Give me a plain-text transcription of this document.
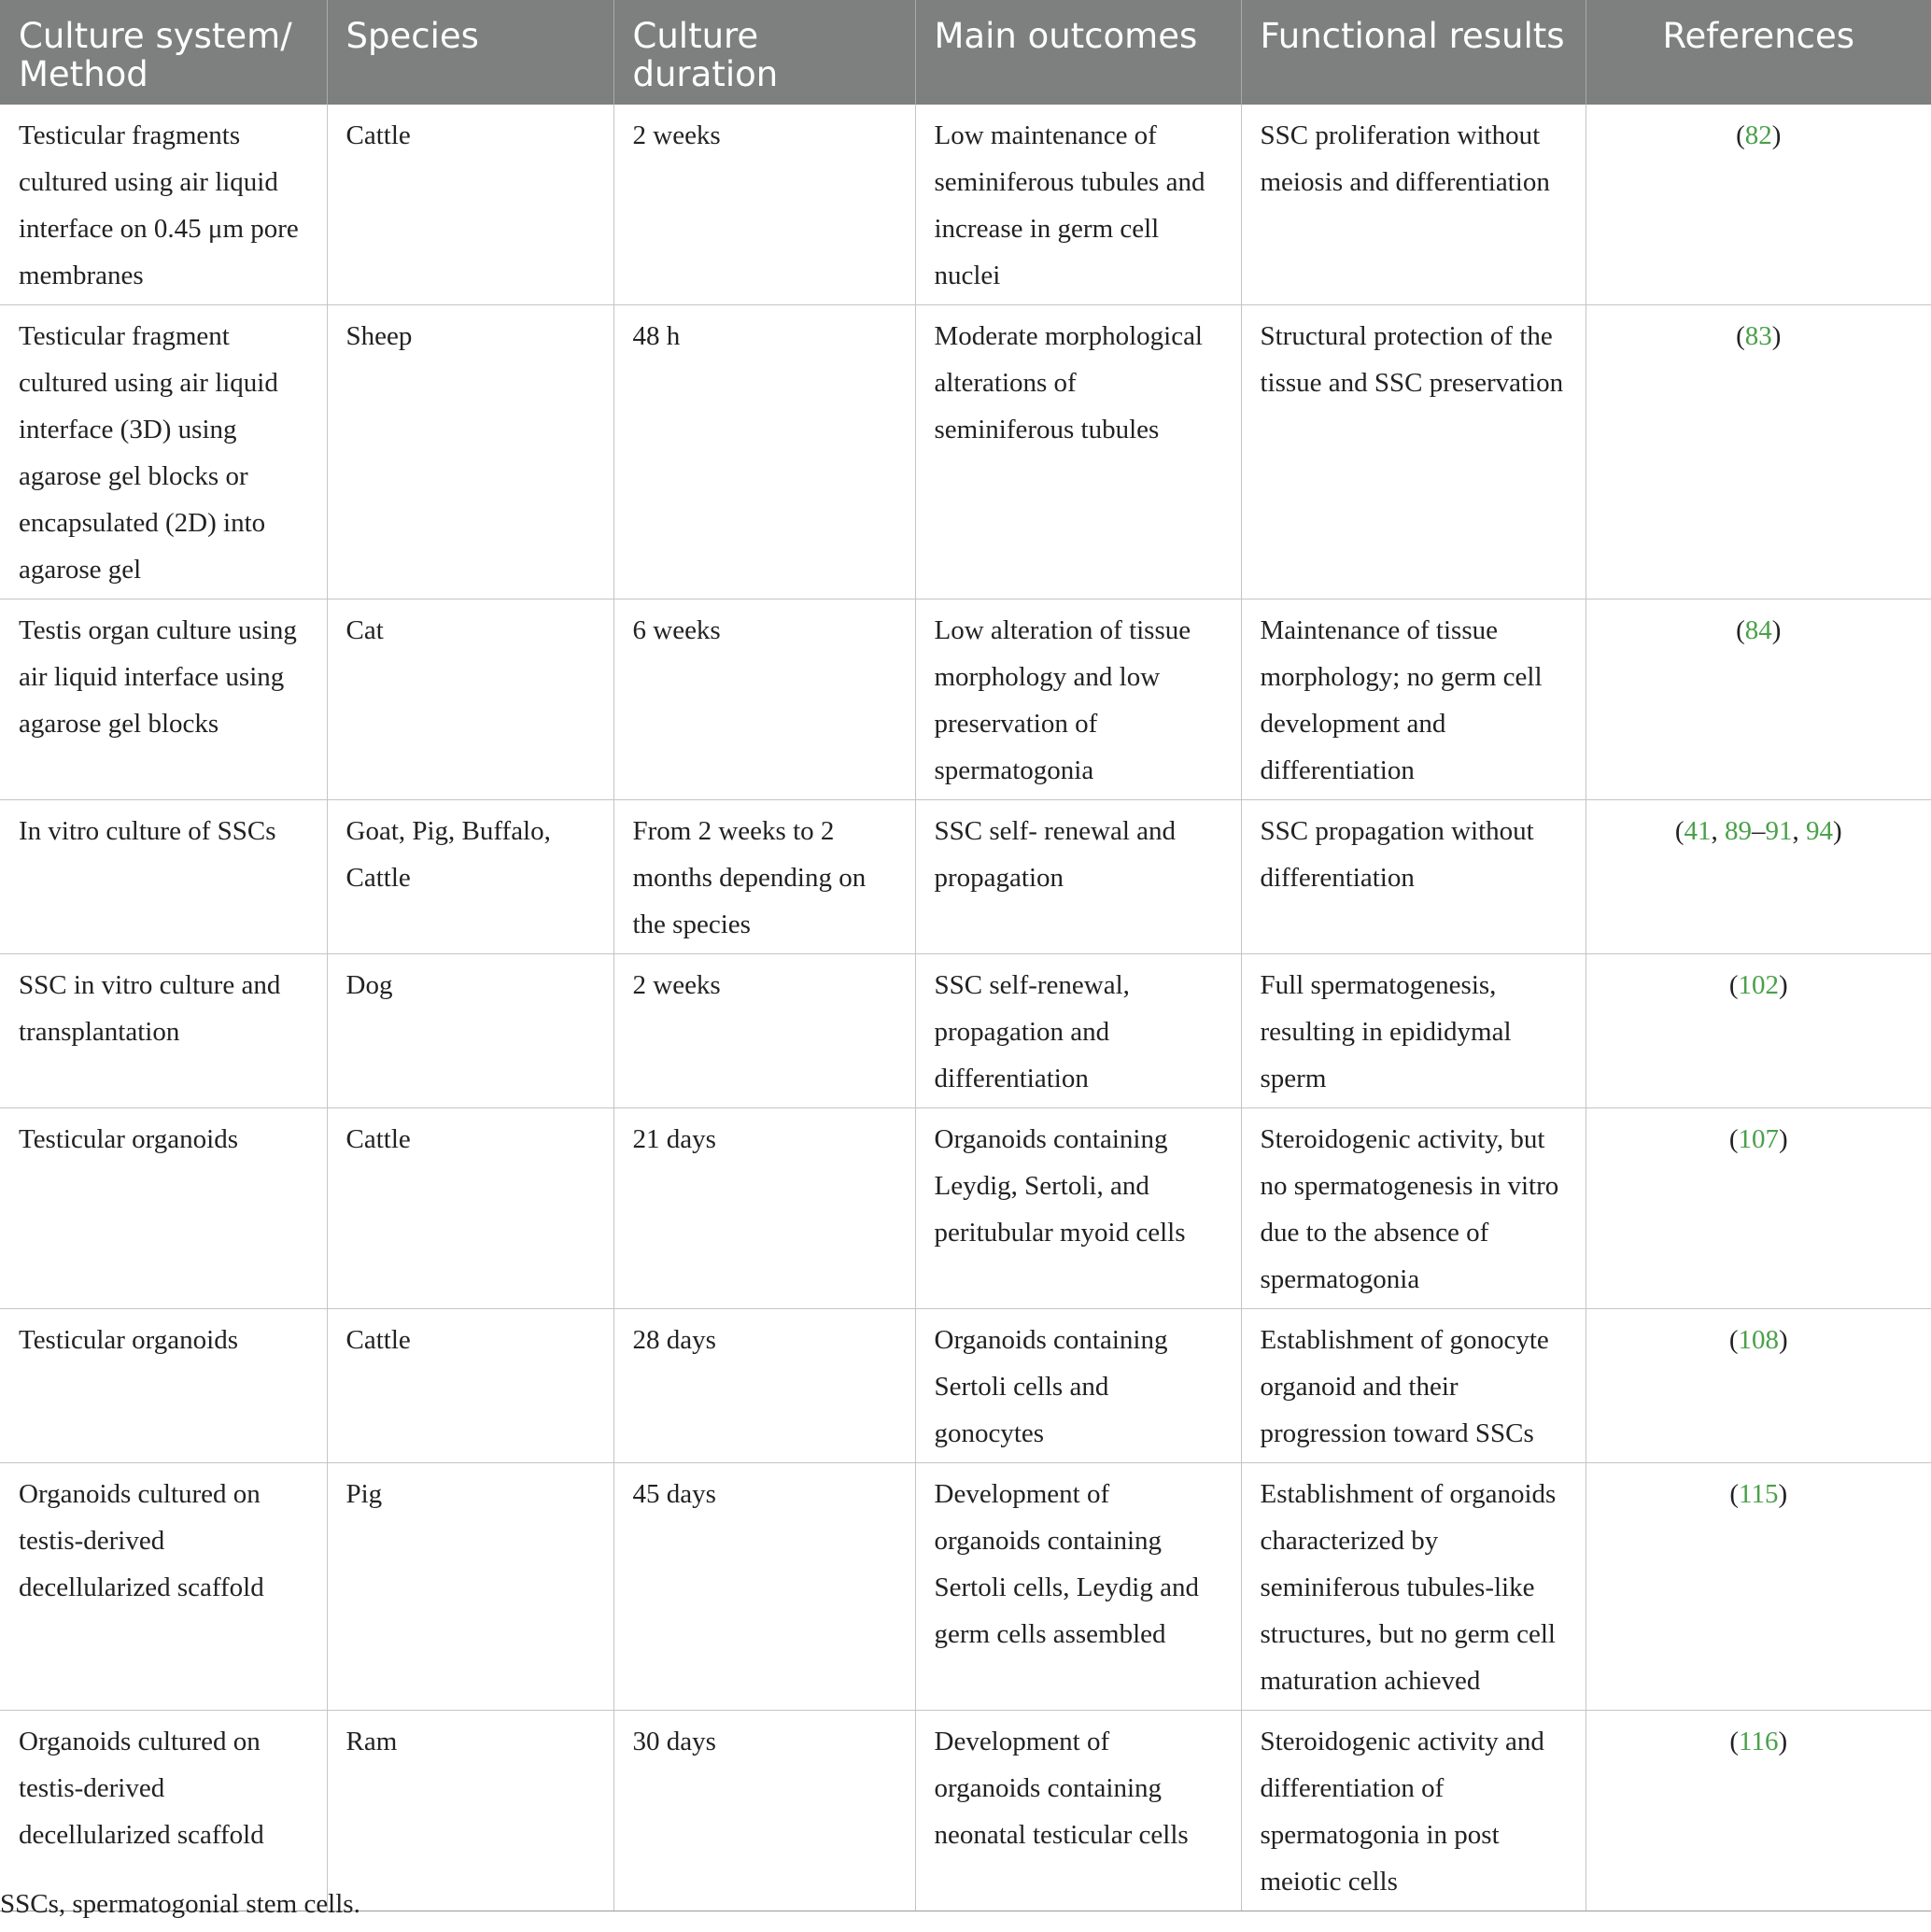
Culture system/ Method	Species	Culture duration	Main outcomes	Functional results	References
Testicular fragments cultured using air liquid interface on 0.45 μm pore membranes	Cattle	2 weeks	Low maintenance of seminiferous tubules and increase in germ cell nuclei	SSC proliferation without meiosis and differentiation	(82)
Testicular fragment cultured using air liquid interface (3D) using agarose gel blocks or encapsulated (2D) into agarose gel	Sheep	48 h	Moderate morphological alterations of seminiferous tubules	Structural protection of the tissue and SSC preservation	(83)
Testis organ culture using air liquid interface using agarose gel blocks	Cat	6 weeks	Low alteration of tissue morphology and low preservation of spermatogonia	Maintenance of tissue morphology; no germ cell development and differentiation	(84)
In vitro culture of SSCs	Goat, Pig, Buffalo, Cattle	From 2 weeks to 2 months depending on the species	SSC self- renewal and propagation	SSC propagation without differentiation	(41, 89–91, 94)
SSC in vitro culture and transplantation	Dog	2 weeks	SSC self-renewal, propagation and differentiation	Full spermatogenesis, resulting in epididymal sperm	(102)
Testicular organoids	Cattle	21 days	Organoids containing Leydig, Sertoli, and peritubular myoid cells	Steroidogenic activity, but no spermatogenesis in vitro due to the absence of spermatogonia	(107)
Testicular organoids	Cattle	28 days	Organoids containing Sertoli cells and gonocytes	Establishment of gonocyte organoid and their progression toward SSCs	(108)
Organoids cultured on testis-derived decellularized scaffold	Pig	45 days	Development of organoids containing Sertoli cells, Leydig and germ cells assembled	Establishment of organoids characterized by seminiferous tubules-like structures, but no germ cell maturation achieved	(115)
Organoids cultured on testis-derived decellularized scaffold	Ram	30 days	Development of organoids containing neonatal testicular cells	Steroidogenic activity and differentiation of spermatogonia in post meiotic cells	(116)
SSCs, spermatogonial stem cells.
